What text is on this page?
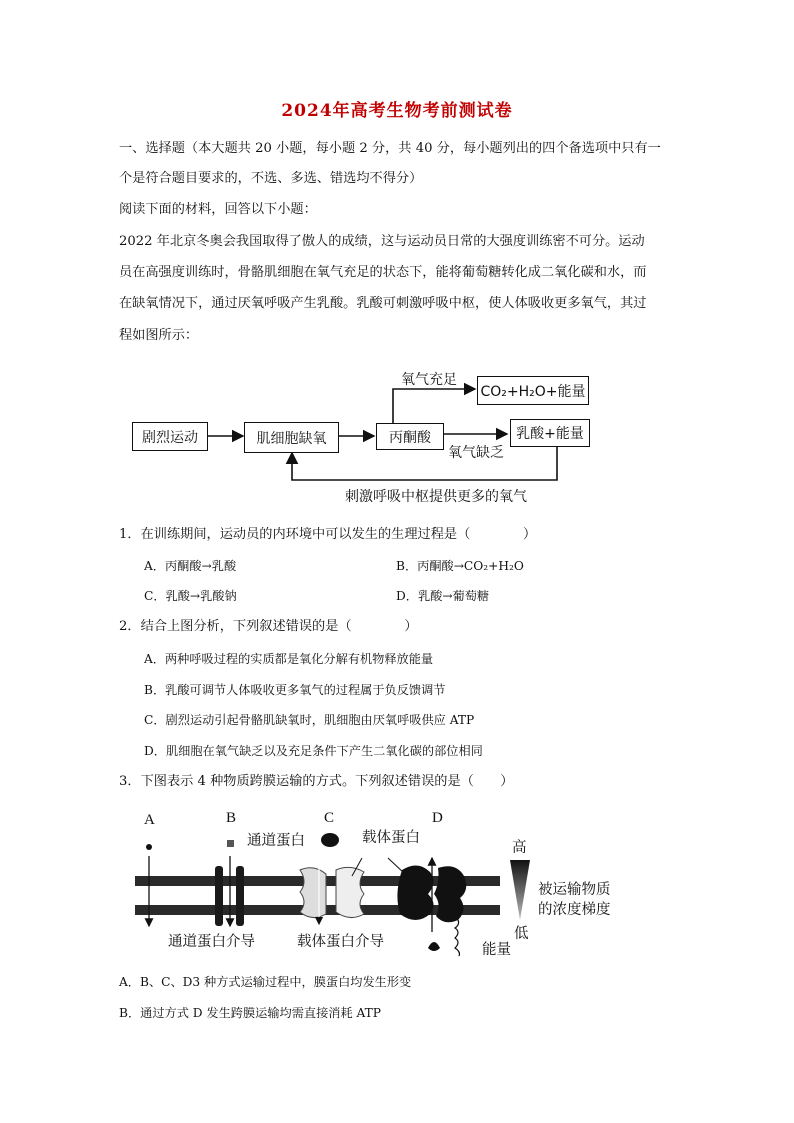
2024年高考生物考前测试卷
一、选择题（本大题共 20 小题，每小题 2 分，共 40 分，每小题列出的四个备选项中只有一
个是符合题目要求的，不选、多选、错选均不得分）
阅读下面的材料，回答以下小题：
2022 年北京冬奥会我国取得了傲人的成绩，这与运动员日常的大强度训练密不可分。运动
员在高强度训练时，骨骼肌细胞在氧气充足的状态下，能将葡萄糖转化成二氧化碳和水，而
在缺氧情况下，通过厌氧呼吸产生乳酸。乳酸可刺激呼吸中枢，使人体吸收更多氧气，其过
程如图所示：
剧烈运动	肌细胞缺氧	丙酮酸
CO₂+H₂O+能量
乳酸+能量
氧气充足
氧气缺乏
刺激呼吸中枢提供更多的氧气
1．在训练期间，运动员的内环境中可以发生的生理过程是（　　　　）
A．丙酮酸→乳酸	B．丙酮酸→CO₂+H₂O
C．乳酸→乳酸钠	D．乳酸→葡萄糖
2．结合上图分析，下列叙述错误的是（　　　　）
A．两种呼吸过程的实质都是氧化分解有机物释放能量
B．乳酸可调节人体吸收更多氧气的过程属于负反馈调节
C．剧烈运动引起骨骼肌缺氧时，肌细胞由厌氧呼吸供应 ATP
D．肌细胞在氧气缺乏以及充足条件下产生二氧化碳的部位相同
3．下图表示 4 种物质跨膜运输的方式。下列叙述错误的是（　　）
A	B	C	D
通道蛋白	载体蛋白
通道蛋白介导	载体蛋白介导	能量
高
低
被运输物质
的浓度梯度
A．B、C、D3 种方式运输过程中，膜蛋白均发生形变
B．通过方式 D 发生跨膜运输均需直接消耗 ATP
